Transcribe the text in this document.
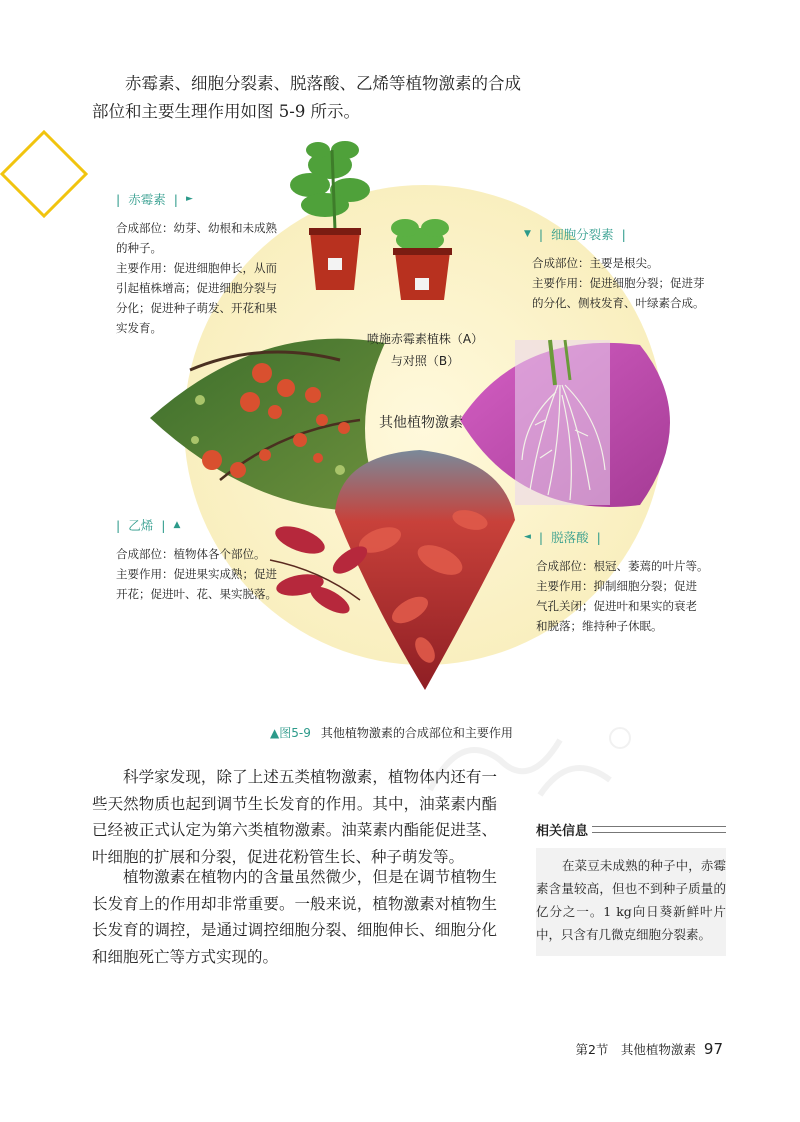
赤霉素、细胞分裂素、脱落酸、乙烯等植物激素的合成部位和主要生理作用如图 5-9 所示。

其他植物激素
喷施赤霉素植株（A）
与对照（B）
| 赤霉素 | ►
合成部位：幼芽、幼根和未成熟
的种子。
主要作用：促进细胞伸长，从而
引起植株增高；促进细胞分裂与
分化；促进种子萌发、开花和果
实发育。
▼ | 细胞分裂素 |
合成部位：主要是根尖。
主要作用：促进细胞分裂；促进芽
的分化、侧枝发育、叶绿素合成。
| 乙烯 | ▲
合成部位：植物体各个部位。
主要作用：促进果实成熟；促进
开花；促进叶、花、果实脱落。
◄ | 脱落酸 |
合成部位：根冠、萎蔫的叶片等。
主要作用：抑制细胞分裂；促进
气孔关闭；促进叶和果实的衰老
和脱落；维持种子休眠。
▲图5-9 其他植物激素的合成部位和主要作用

科学家发现，除了上述五类植物激素，植物体内还有一些天然物质也起到调节生长发育的作用。其中，油菜素内酯已经被正式认定为第六类植物激素。油菜素内酯能促进茎、叶细胞的扩展和分裂，促进花粉管生长、种子萌发等。

植物激素在植物内的含量虽然微少，但是在调节植物生长发育上的作用却非常重要。一般来说，植物激素对植物生长发育的调控，是通过调控细胞分裂、细胞伸长、细胞分化和细胞死亡等方式实现的。

相关信息

在菜豆未成熟的种子中，赤霉素含量较高，但也不到种子质量的亿分之一。1 kg向日葵新鲜叶片中，只含有几微克细胞分裂素。

第2节　其他植物激素 97
